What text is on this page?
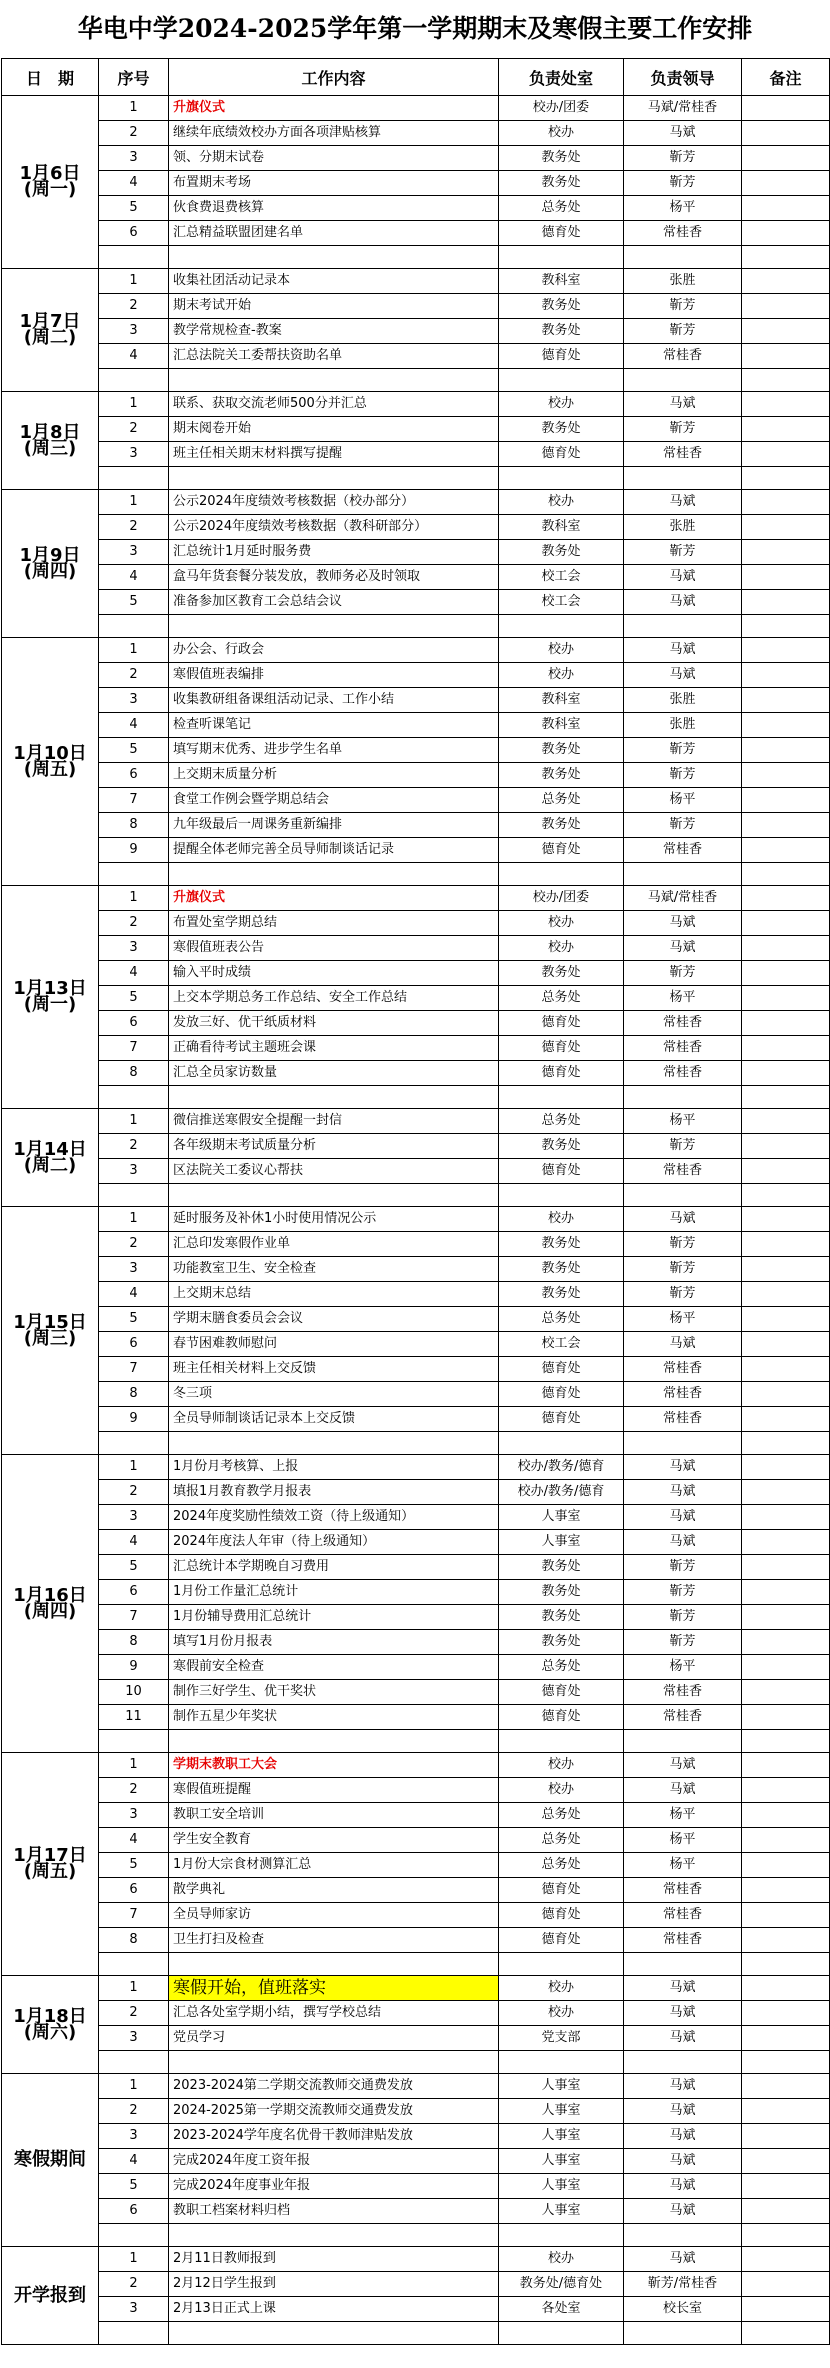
华电中学2024-2025学年第一学期期末及寒假主要工作安排
日　期	序号	工作内容	负责处室	负责领导	备注

1月6日
(周一)	1	升旗仪式	校办/团委	马斌/常桂香	
	2	继续年底绩效校办方面各项津贴核算	校办	马斌	
	3	领、分期末试卷	教务处	靳芳	
	4	布置期末考场	教务处	靳芳	
	5	伙食费退费核算	总务处	杨平	
	6	汇总精益联盟团建名单	德育处	常桂香	

1月7日
(周二)	1	收集社团活动记录本	教科室	张胜	
	2	期末考试开始	教务处	靳芳	
	3	教学常规检查-教案	教务处	靳芳	
	4	汇总法院关工委帮扶资助名单	德育处	常桂香	

1月8日
(周三)	1	联系、获取交流老师500分并汇总	校办	马斌	
	2	期末阅卷开始	教务处	靳芳	
	3	班主任相关期末材料撰写提醒	德育处	常桂香	

1月9日
(周四)	1	公示2024年度绩效考核数据（校办部分）	校办	马斌	
	2	公示2024年度绩效考核数据（教科研部分）	教科室	张胜	
	3	汇总统计1月延时服务费	教务处	靳芳	
	4	盒马年货套餐分装发放，教师务必及时领取	校工会	马斌	
	5	准备参加区教育工会总结会议	校工会	马斌	

1月10日
(周五)	1	办公会、行政会	校办	马斌	
	2	寒假值班表编排	校办	马斌	
	3	收集教研组备课组活动记录、工作小结	教科室	张胜	
	4	检查听课笔记	教科室	张胜	
	5	填写期末优秀、进步学生名单	教务处	靳芳	
	6	上交期末质量分析	教务处	靳芳	
	7	食堂工作例会暨学期总结会	总务处	杨平	
	8	九年级最后一周课务重新编排	教务处	靳芳	
	9	提醒全体老师完善全员导师制谈话记录	德育处	常桂香	

1月13日
(周一)	1	升旗仪式	校办/团委	马斌/常桂香	
	2	布置处室学期总结	校办	马斌	
	3	寒假值班表公告	校办	马斌	
	4	输入平时成绩	教务处	靳芳	
	5	上交本学期总务工作总结、安全工作总结	总务处	杨平	
	6	发放三好、优干纸质材料	德育处	常桂香	
	7	正确看待考试主题班会课	德育处	常桂香	
	8	汇总全员家访数量	德育处	常桂香	

1月14日
(周二)	1	微信推送寒假安全提醒一封信	总务处	杨平	
	2	各年级期末考试质量分析	教务处	靳芳	
	3	区法院关工委议心帮扶	德育处	常桂香	

1月15日
(周三)	1	延时服务及补休1小时使用情况公示	校办	马斌	
	2	汇总印发寒假作业单	教务处	靳芳	
	3	功能教室卫生、安全检查	教务处	靳芳	
	4	上交期末总结	教务处	靳芳	
	5	学期末膳食委员会会议	总务处	杨平	
	6	春节困难教师慰问	校工会	马斌	
	7	班主任相关材料上交反馈	德育处	常桂香	
	8	冬三项	德育处	常桂香	
	9	全员导师制谈话记录本上交反馈	德育处	常桂香	

1月16日
(周四)	1	1月份月考核算、上报	校办/教务/德育	马斌	
	2	填报1月教育教学月报表	校办/教务/德育	马斌	
	3	2024年度奖励性绩效工资（待上级通知）	人事室	马斌	
	4	2024年度法人年审（待上级通知）	人事室	马斌	
	5	汇总统计本学期晚自习费用	教务处	靳芳	
	6	1月份工作量汇总统计	教务处	靳芳	
	7	1月份辅导费用汇总统计	教务处	靳芳	
	8	填写1月份月报表	教务处	靳芳	
	9	寒假前安全检查	总务处	杨平	
	10	制作三好学生、优干奖状	德育处	常桂香	
	11	制作五星少年奖状	德育处	常桂香	

1月17日
(周五)	1	学期末教职工大会	校办	马斌	
	2	寒假值班提醒	校办	马斌	
	3	教职工安全培训	总务处	杨平	
	4	学生安全教育	总务处	杨平	
	5	1月份大宗食材测算汇总	总务处	杨平	
	6	散学典礼	德育处	常桂香	
	7	全员导师家访	德育处	常桂香	
	8	卫生打扫及检查	德育处	常桂香	

1月18日
(周六)	1	寒假开始，值班落实	校办	马斌	
	2	汇总各处室学期小结，撰写学校总结	校办	马斌	
	3	党员学习	党支部	马斌	

寒假期间	1	2023-2024第二学期交流教师交通费发放	人事室	马斌	
	2	2024-2025第一学期交流教师交通费发放	人事室	马斌	
	3	2023-2024学年度名优骨干教师津贴发放	人事室	马斌	
	4	完成2024年度工资年报	人事室	马斌	
	5	完成2024年度事业年报	人事室	马斌	
	6	教职工档案材料归档	人事室	马斌	

开学报到	1	2月11日教师报到	校办	马斌	
	2	2月12日学生报到	教务处/德育处	靳芳/常桂香	
	3	2月13日正式上课	各处室	校长室	
